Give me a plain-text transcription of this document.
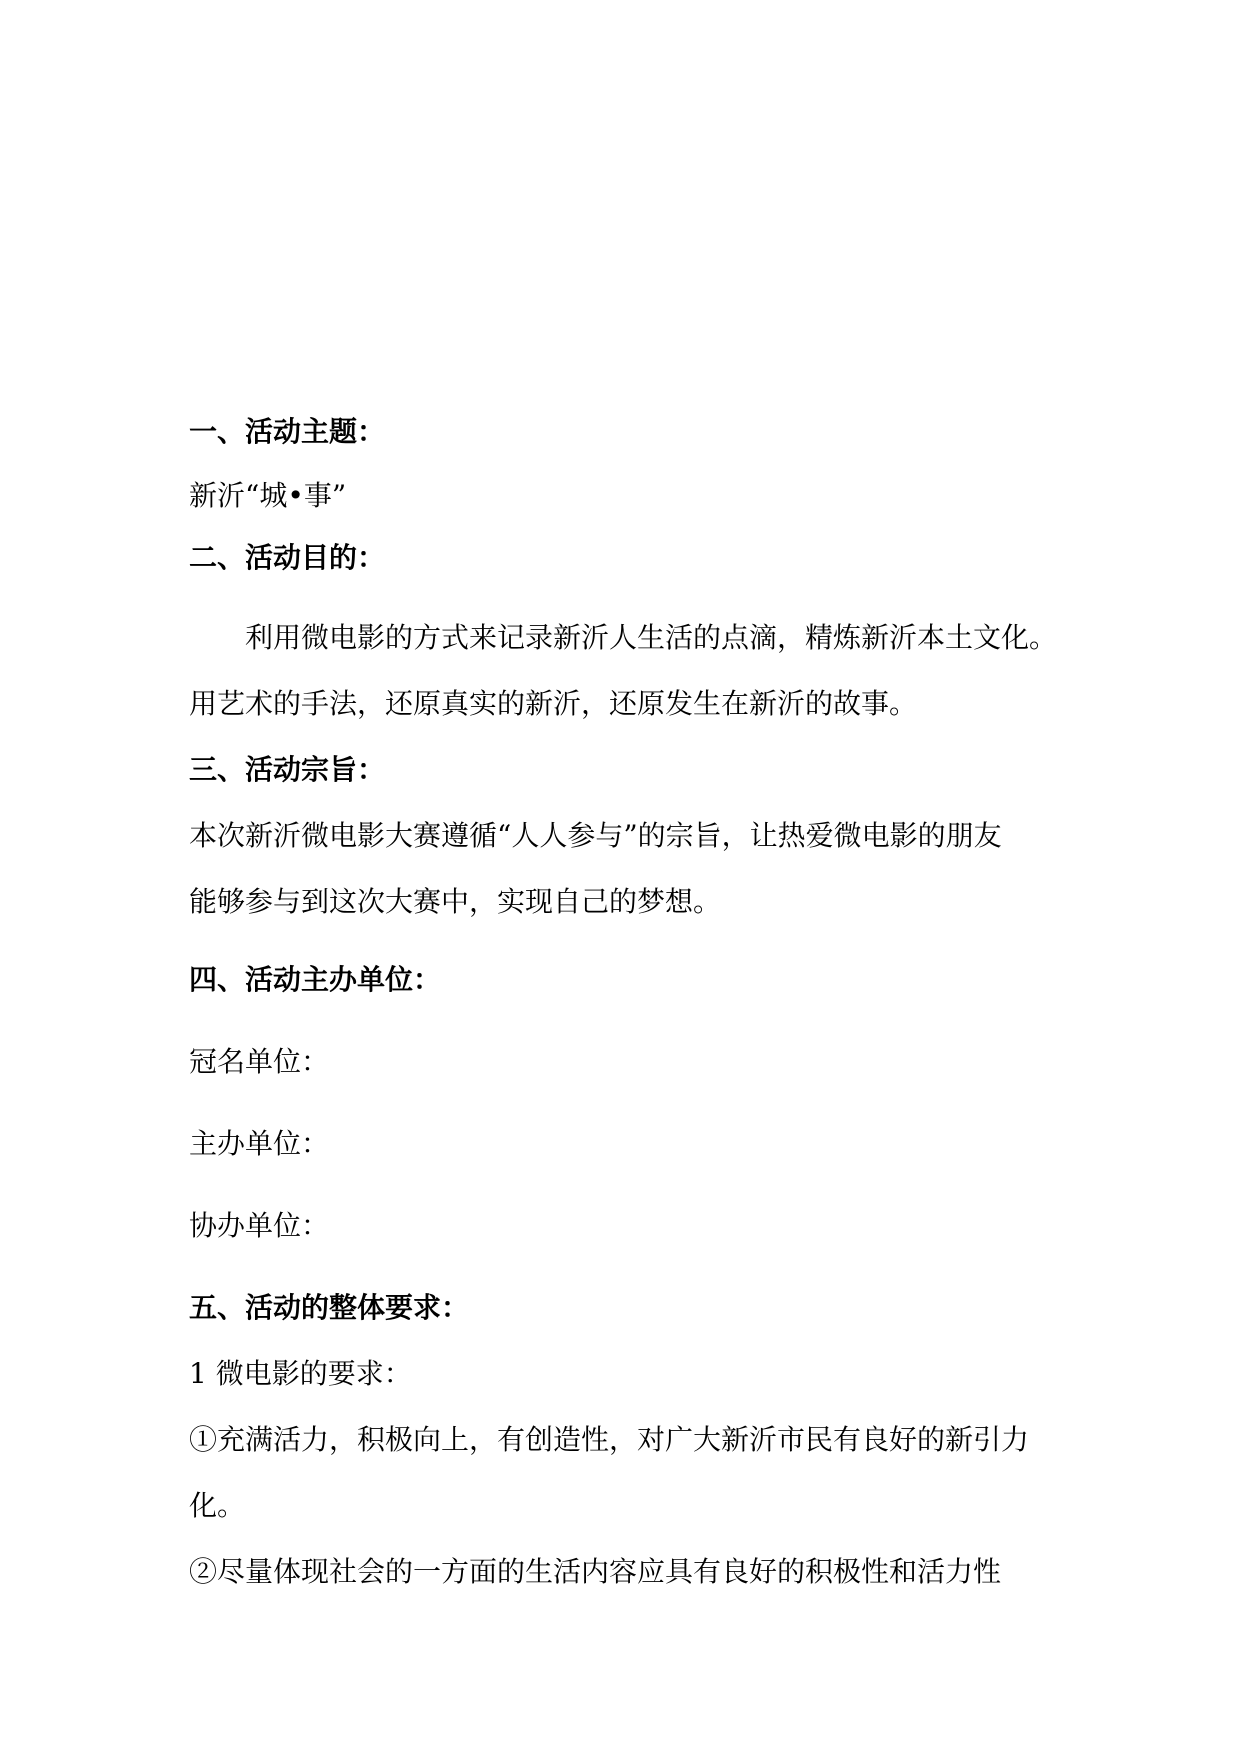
一、活动主题：
新沂“城•事”
二、活动目的：
利用微电影的方式来记录新沂人生活的点滴，精炼新沂本土文化。
用艺术的手法，还原真实的新沂，还原发生在新沂的故事。
三、活动宗旨：
本次新沂微电影大赛遵循“人人参与”的宗旨，让热爱微电影的朋友
能够参与到这次大赛中，实现自己的梦想。
四、活动主办单位：
冠名单位：
主办单位：
协办单位：
五、活动的整体要求：
1 微电影的要求：
①充满活力，积极向上，有创造性，对广大新沂市民有良好的新引力
化。
②尽量体现社会的一方面的生活内容应具有良好的积极性和活力性
